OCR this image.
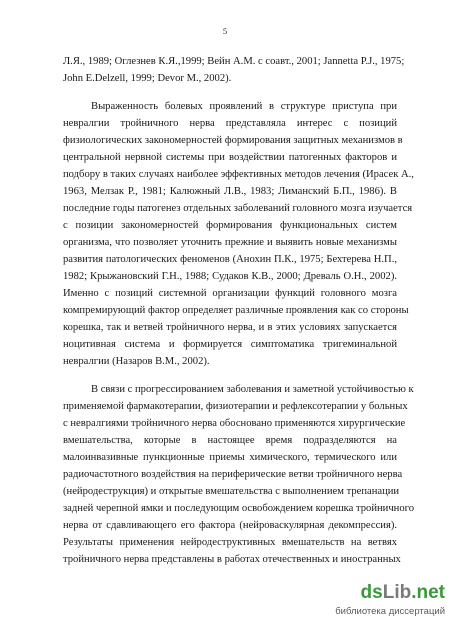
5
Л.Я., 1989; Оглезнев К.Я.,1999; Вейн А.М. с соавт., 2001; Jannetta P.J., 1975;
John E.Delzell, 1999; Devor M., 2002).
Выраженность болевых проявлений в структуре приступа при
невралгии тройничного нерва представляла интерес с позиций
физиологических закономерностей формирования защитных механизмов в
центральной нервной системы при воздействии патогенных факторов и
подбору в таких случаях наиболее эффективных методов лечения (Ирасек А.,
1963, Мелзак Р., 1981; Калюжный Л.В., 1983; Лиманский Б.П., 1986). В
последние годы патогенез отдельных заболеваний головного мозга изучается
с позиции закономерностей формирования функциональных систем
организма, что позволяет уточнить прежние и выявить новые механизмы
развития патологических феноменов (Анохин П.К., 1975; Бехтерева Н.П.,
1982; Крыжановский Г.Н., 1988; Судаков К.В., 2000; Древаль О.Н., 2002).
Именно с позиций системной организации функций головного мозга
компремирующий фактор определяет различные проявления как со стороны
корешка, так и ветвей тройничного нерва, и в этих условиях запускается
ноцитивная система и формируется симптоматика тригеминальной
невралгии (Назаров В.М., 2002).
В связи с прогрессированием заболевания и заметной устойчивостью к
применяемой фармакотерапии, физиотерапии и рефлексотерапии у больных
с невралгиями тройничного нерва обосновано применяются хирургические
вмешательства, которые в настоящее время подразделяются на
малоинвазивные пункционные приемы химического, термического или
радиочастотного воздействия на периферические ветви тройничного нерва
(нейродеструкция) и открытые вмешательства с выполнением трепанации
задней черепной ямки и последующим освобождением корешка тройничного
нерва от сдавливающего его фактора (нейроваскулярная декомпрессия).
Результаты применения нейродеструктивных вмешательств на ветвях
тройничного нерва представлены в работах отечественных и иностранных
dsLib.net
библиотека диссертаций
